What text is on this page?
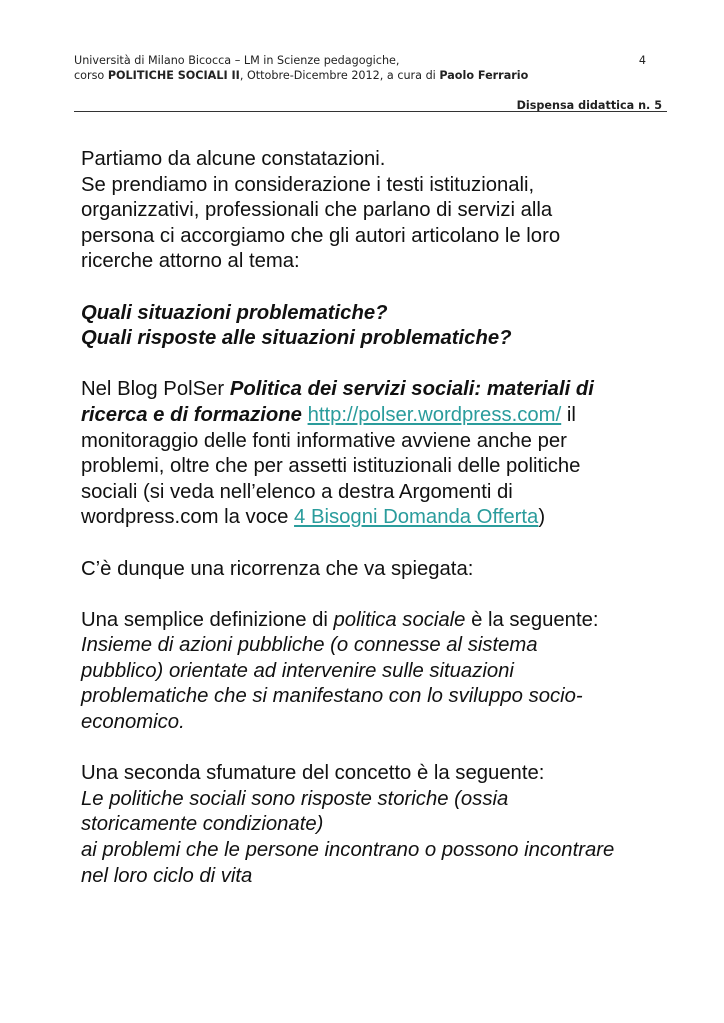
Università di Milano Bicocca – LM in Scienze pedagogiche,
corso POLITICHE SOCIALI II, Ottobre-Dicembre 2012, a cura di Paolo Ferrario
4
Dispensa didattica n. 5

Partiamo da alcune constatazioni.
Se prendiamo in considerazione i testi istituzionali,
organizzativi, professionali che parlano di servizi alla
persona ci accorgiamo che gli autori articolano le loro
ricerche attorno al tema:

Quali situazioni problematiche?
Quali risposte alle situazioni problematiche?

Nel Blog PolSer Politica dei servizi sociali: materiali di
ricerca e di formazione http://polser.wordpress.com/ il
monitoraggio delle fonti informative avviene anche per
problemi, oltre che per assetti istituzionali delle politiche
sociali (si veda nell’elenco a destra Argomenti di
wordpress.com la voce 4 Bisogni Domanda Offerta)

C’è dunque una ricorrenza che va spiegata:

Una semplice definizione di politica sociale è la seguente:
Insieme di azioni pubbliche (o connesse al sistema
pubblico) orientate ad intervenire sulle situazioni
problematiche che si manifestano con lo sviluppo socio-
economico.

Una seconda sfumature del concetto è la seguente:
Le politiche sociali sono risposte storiche (ossia
storicamente condizionate)
ai problemi che le persone incontrano o possono incontrare
nel loro ciclo di vita
